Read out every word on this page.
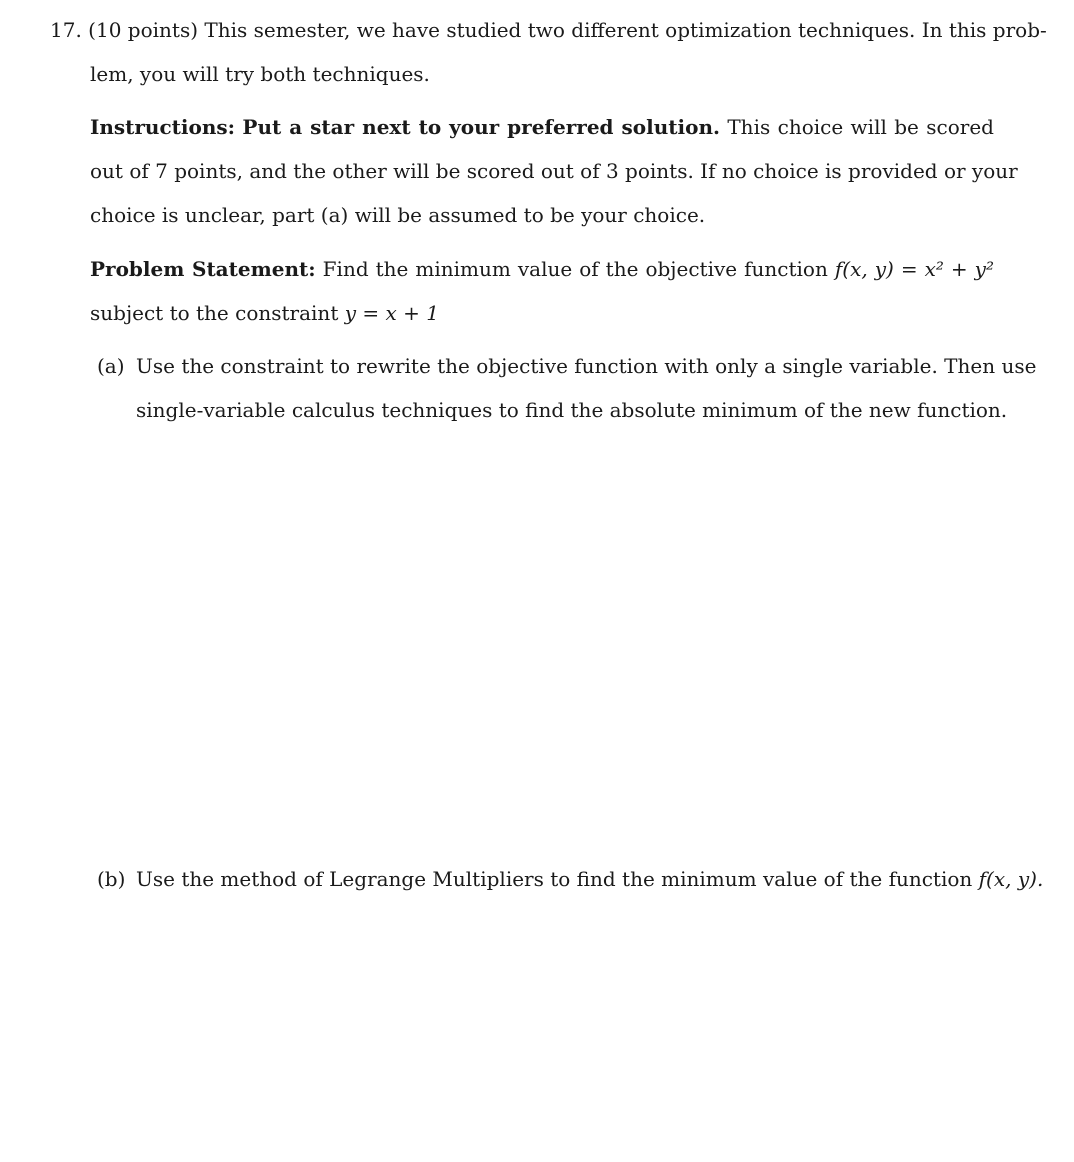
17. (10 points) This semester, we have studied two different optimization techniques. In this prob-
lem, you will try both techniques.
Instructions: Put a star next to your preferred solution. This choice will be scored
out of 7 points, and the other will be scored out of 3 points. If no choice is provided or your
choice is unclear, part (a) will be assumed to be your choice.
Problem Statement: Find the minimum value of the objective function f(x, y) = x² + y²
subject to the constraint y = x + 1
(a) Use the constraint to rewrite the objective function with only a single variable. Then use
single-variable calculus techniques to find the absolute minimum of the new function.
(b) Use the method of Legrange Multipliers to find the minimum value of the function f(x, y).
